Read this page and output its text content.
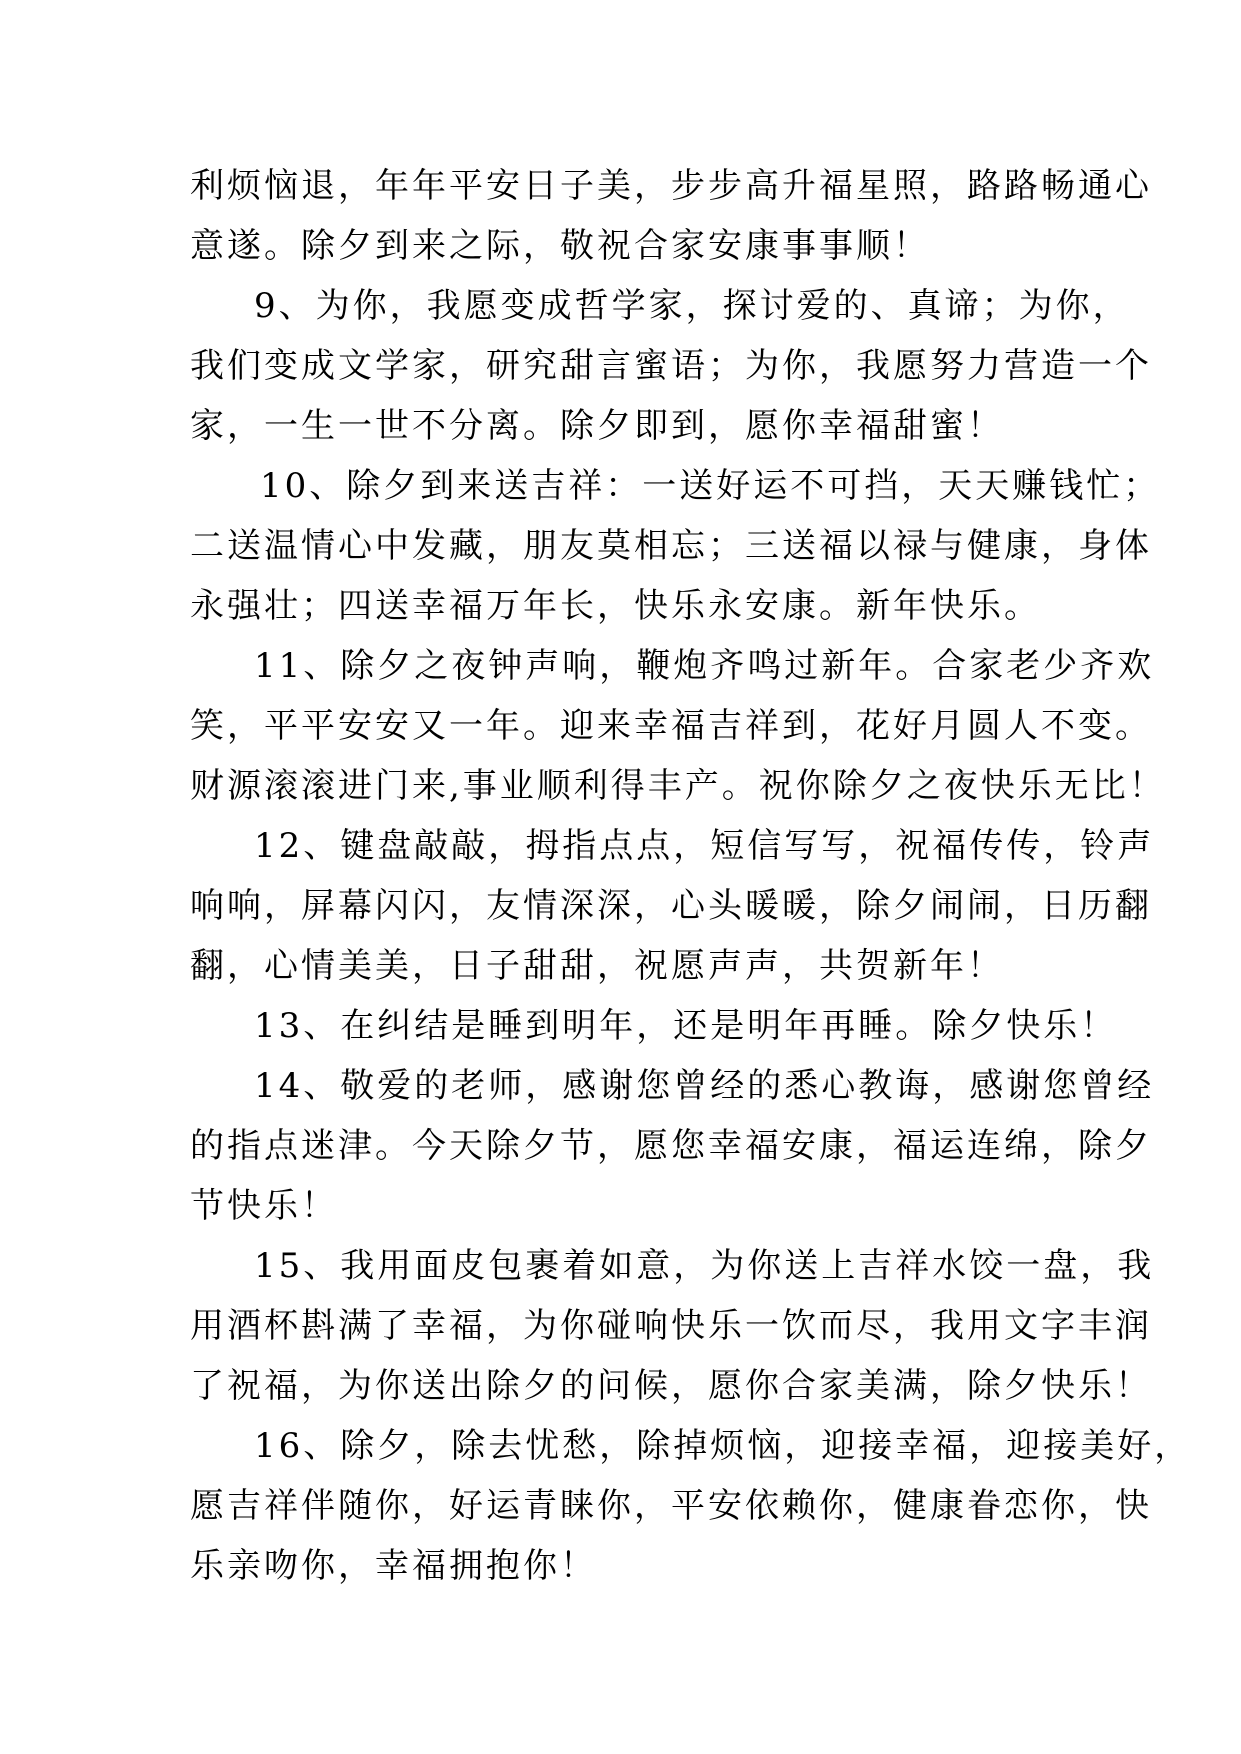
利烦恼退，年年平安日子美，步步高升福星照，路路畅通心
意遂。除夕到来之际，敬祝合家安康事事顺！
9、为你，我愿变成哲学家，探讨爱的、真谛；为你，
我们变成文学家，研究甜言蜜语；为你，我愿努力营造一个
家，一生一世不分离。除夕即到，愿你幸福甜蜜！
10、除夕到来送吉祥：一送好运不可挡，天天赚钱忙；
二送温情心中发藏，朋友莫相忘；三送福以禄与健康，身体
永强壮；四送幸福万年长，快乐永安康。新年快乐。
11、除夕之夜钟声响，鞭炮齐鸣过新年。合家老少齐欢
笑，平平安安又一年。迎来幸福吉祥到，花好月圆人不变。
财源滚滚进门来,事业顺利得丰产。祝你除夕之夜快乐无比！
12、键盘敲敲，拇指点点，短信写写，祝福传传，铃声
响响，屏幕闪闪，友情深深，心头暖暖，除夕闹闹，日历翻
翻，心情美美，日子甜甜，祝愿声声，共贺新年！
13、在纠结是睡到明年，还是明年再睡。除夕快乐！
14、敬爱的老师，感谢您曾经的悉心教诲，感谢您曾经
的指点迷津。今天除夕节，愿您幸福安康，福运连绵，除夕
节快乐！
15、我用面皮包裹着如意，为你送上吉祥水饺一盘，我
用酒杯斟满了幸福，为你碰响快乐一饮而尽，我用文字丰润
了祝福，为你送出除夕的问候，愿你合家美满，除夕快乐！
16、除夕，除去忧愁，除掉烦恼，迎接幸福，迎接美好，
愿吉祥伴随你，好运青睐你，平安依赖你，健康眷恋你，快
乐亲吻你，幸福拥抱你！
